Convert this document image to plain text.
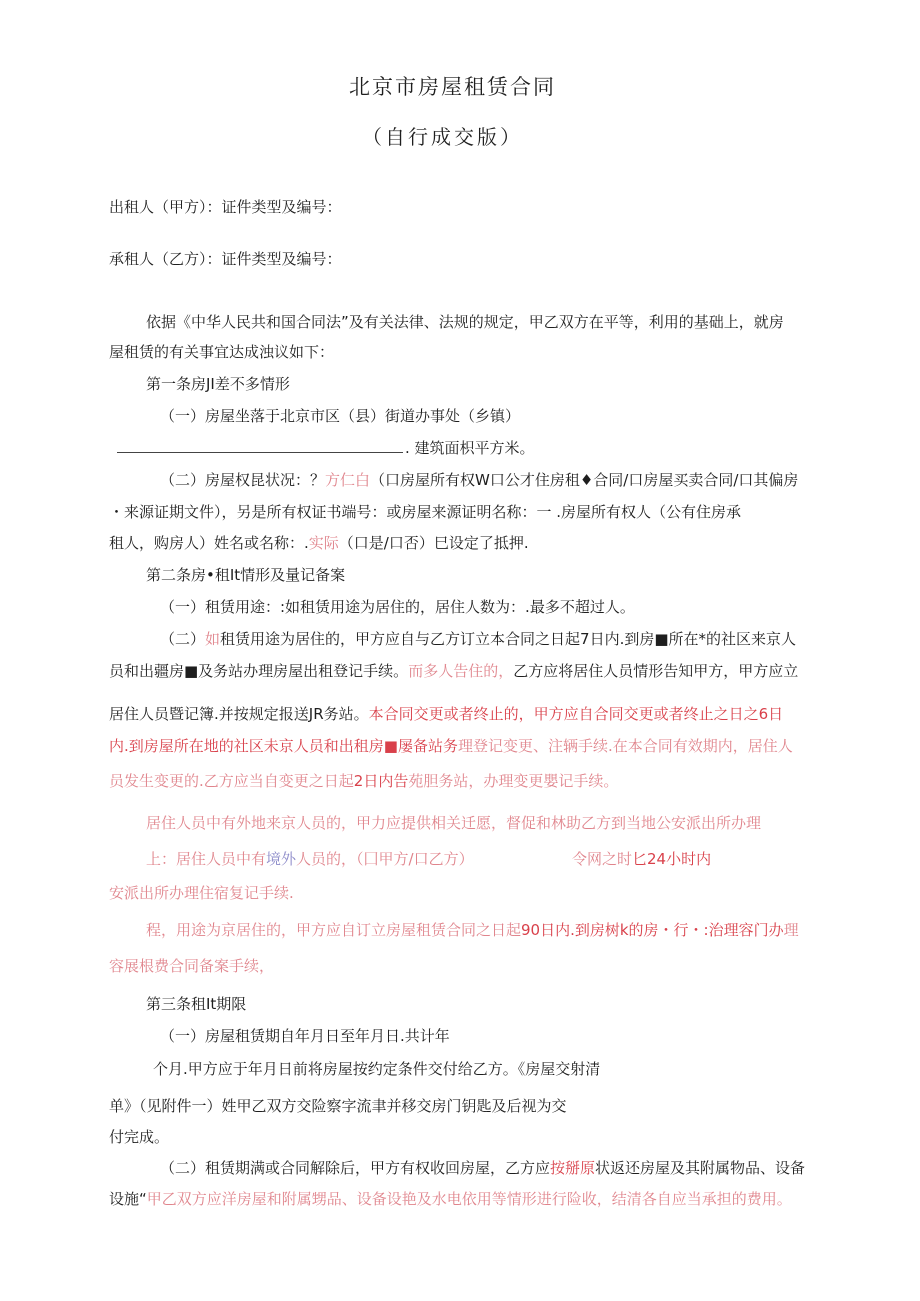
北京市房屋租赁合同
（自行成交版）
出租人（甲方）：证件类型及编号：
承租人（乙方）：证件类型及编号：
依据《中华人民共和国合同法”及有关法律、法规的规定，甲乙双方在平等，利用的基础上，就房
屋租赁的有关事宜达成浊议如下：
第一条房JI差不多情形
（一）房屋坐落于北京市区（县）街道办事处（乡镇）
. 建筑面枳平方米。
（二）房屋权昆状况：？方仁白（口房屋所有权W口公才住房租♦合同/口房屋买卖合同/口其偏房
・来源证期文件），另是所有权证书端号：或房屋来源证明名称：一 .房屋所有权人（公有住房承
租人，购房人）姓名或名称：.实际（口是/口否）巳设定了抵押.
第二条房•租It情形及量记备案
（一）租赁用途：:如租赁用途为居住的，居住人数为：.最多不超过人。
（二）如租赁用途为居住的，甲方应自与乙方订立本合同之日起7日内.到房■所在*的社区来京人
员和出疆房■及务站办理房屋出租登记手续。而多人告住的，乙方应将居住人员情形告知甲方，甲方应立
居住人员暨记簿.并按规定报送JR务站。本合同交更或者终止的，甲方应自合同交更或者终止之日之6日
内.到房屋所在地的社区未京人员和出租房■屡备站务理登记变更、注辆手续.在本合同有效期内，居住人
员发生变更的.乙方应当自变更之日起2日内告苑胆务站，办理变更嬰记手续。
居住人员中有外地来京人员的，甲力应提供相关迁愿，督促和林助乙方到当地公安派出所办理
上：居住人员中有境外人员的，（囗甲方/口乙方）	令网之时匕24小时内
安派出所办理住宿复记手续.
程，用途为京居住的，甲方应自订立房屋租赁合同之日起90日内.到房树k的房・行・:治理容门办理
容展根费合同备案手续，
第三条租It期限
（一）房屋租赁期自年月日至年月日.共计年
个月.甲方应于年月日前将房屋按约定条件交付给乙方。《房屋交射清
单》（见附件一）姓甲乙双方交险察字流聿并移交房门钥匙及后视为交
付完成。
（二）租赁期满或合同解除后，甲方有权收回房屋，乙方应按掰原状返还房屋及其附属物品、设备
设施“甲乙双方应洋房屋和附属甥品、设备设艳及水电依用等情形进行险收，结清各自应当承担的费用。
